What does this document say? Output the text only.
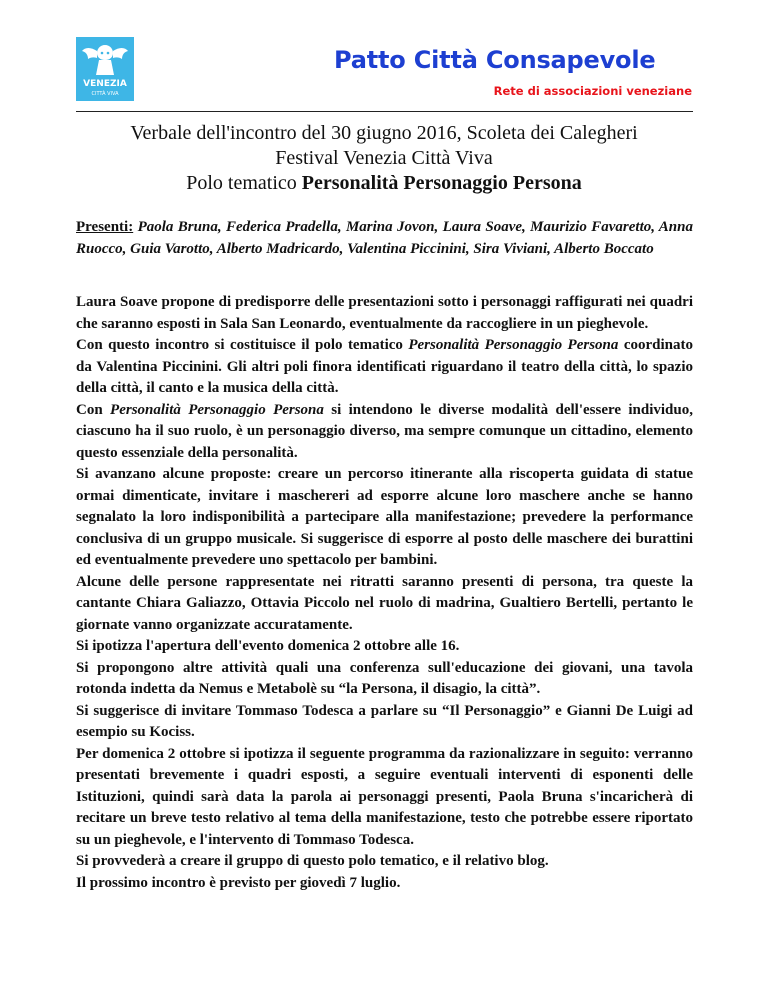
VENEZIA
CITTÀ VIVA
Patto Città Consapevole
Rete di associazioni veneziane
Verbale dell'incontro del 30 giugno 2016, Scoleta dei Calegheri
Festival Venezia Città Viva
Polo tematico Personalità Personaggio Persona
Presenti: Paola Bruna, Federica Pradella, Marina Jovon, Laura Soave, Maurizio Favaretto, Anna Ruocco, Guia Varotto, Alberto Madricardo, Valentina Piccinini, Sira Viviani, Alberto Boccato

Laura Soave propone di predisporre delle presentazioni sotto i personaggi raffigurati nei quadri che saranno esposti in Sala San Leonardo, eventualmente da raccogliere in un pieghevole.

Con questo incontro si costituisce il polo tematico Personalità Personaggio Persona coordinato da Valentina Piccinini. Gli altri poli finora identificati riguardano il teatro della città, lo spazio della città, il canto e la musica della città.

Con Personalità Personaggio Persona si intendono le diverse modalità dell'essere individuo, ciascuno ha il suo ruolo, è un personaggio diverso, ma sempre comunque un cittadino, elemento questo essenziale della personalità.

Si avanzano alcune proposte: creare un percorso itinerante alla riscoperta guidata di statue ormai dimenticate, invitare i maschereri ad esporre alcune loro maschere anche se hanno segnalato la loro indisponibilità a partecipare alla manifestazione; prevedere la performance conclusiva di un gruppo musicale. Si suggerisce di esporre al posto delle maschere dei burattini ed eventualmente prevedere uno spettacolo per bambini.

Alcune delle persone rappresentate nei ritratti saranno presenti di persona, tra queste la cantante Chiara Galiazzo, Ottavia Piccolo nel ruolo di madrina, Gualtiero Bertelli, pertanto le giornate vanno organizzate accuratamente.

Si ipotizza l'apertura dell'evento domenica 2 ottobre alle 16.

Si propongono altre attività quali una conferenza sull'educazione dei giovani, una tavola rotonda indetta da Nemus e Metabolè su “la Persona, il disagio, la città”.

Si suggerisce di invitare Tommaso Todesca a parlare su “Il Personaggio” e Gianni De Luigi ad esempio su Kociss.

Per domenica 2 ottobre si ipotizza il seguente programma da razionalizzare in seguito: verranno presentati brevemente i quadri esposti, a seguire eventuali interventi di esponenti delle Istituzioni, quindi sarà data la parola ai personaggi presenti, Paola Bruna s'incaricherà di recitare un breve testo relativo al tema della manifestazione, testo che potrebbe essere riportato su un pieghevole, e l'intervento di Tommaso Todesca.

Si provvederà a creare il gruppo di questo polo tematico, e il relativo blog.

Il prossimo incontro è previsto per giovedì 7 luglio.
